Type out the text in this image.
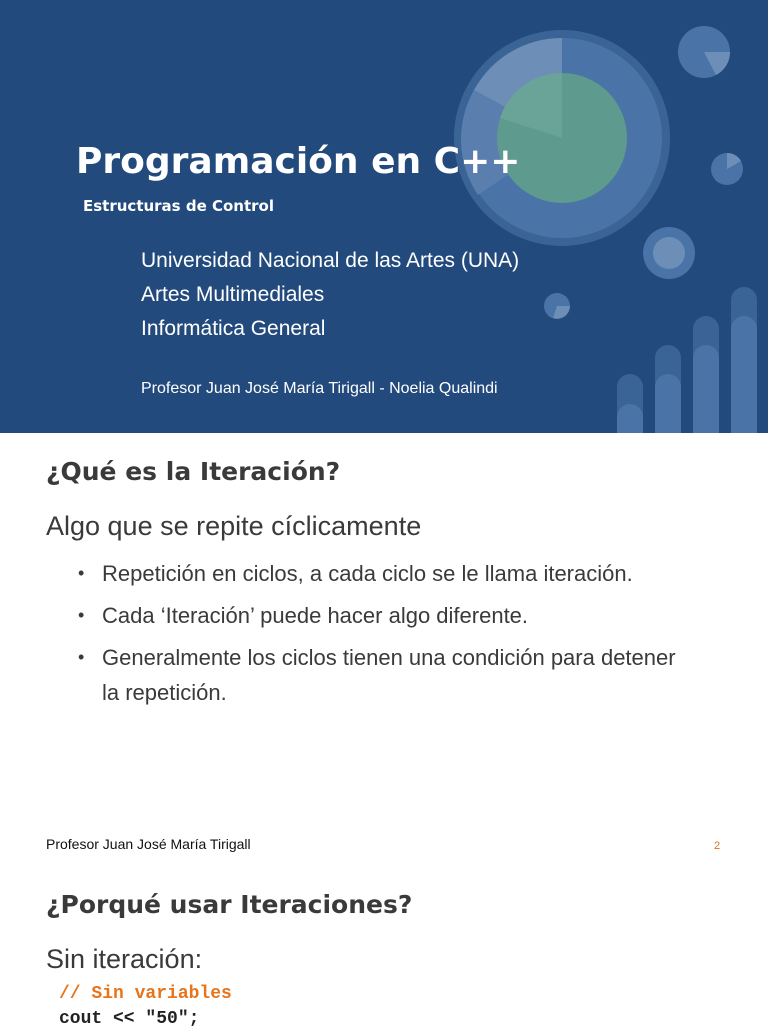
Programación en C++
Estructuras de Control
Universidad Nacional de las Artes (UNA)
Artes Multimediales
Informática General
Profesor Juan José María Tirigall - Noelia Qualindi
¿Qué es la Iteración?
Algo que se repite cíclicamente
• Repetición en ciclos, a cada ciclo se le llama iteración.
• Cada ‘Iteración’ puede hacer algo diferente.
• Generalmente los ciclos tienen una condición para detener la repetición.
Profesor Juan José María Tirigall	2
¿Porqué usar Iteraciones?
Sin iteración:
// Sin variables
cout << "50";
